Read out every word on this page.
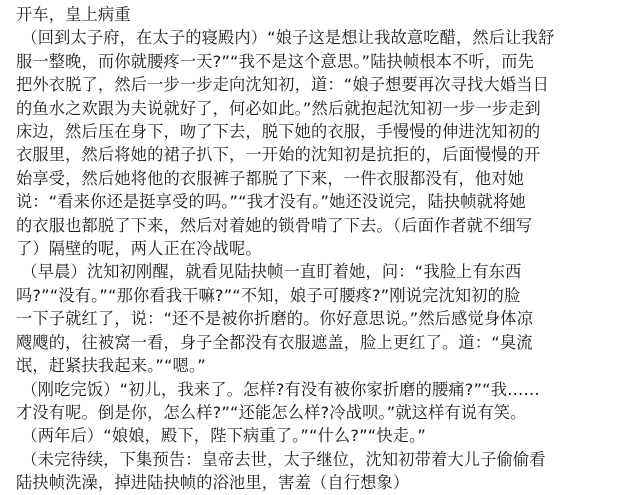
开车，皇上病重
（回到太子府，在太子的寝殿内）“娘子这是想让我故意吃醋，然后让我舒
服一整晚，而你就腰疼一天?”“我不是这个意思。”陆抉帧根本不听，而先
把外衣脱了，然后一步一步走向沈知初，道：“娘子想要再次寻找大婚当日
的鱼水之欢跟为夫说就好了，何必如此。”然后就抱起沈知初一步一步走到
床边，然后压在身下，吻了下去，脱下她的衣服，手慢慢的伸进沈知初的
衣服里，然后将她的裙子扒下，一开始的沈知初是抗拒的，后面慢慢的开
始享受，然后她将他的衣服裤子都脱了下来，一件衣服都没有，他对她
说：“看来你还是挺享受的吗。”“我才没有。”她还没说完，陆抉帧就将她
的衣服也都脱了下来，然后对着她的锁骨啃了下去。（后面作者就不细写
了）隔壁的呢，两人正在冷战呢。
（早晨）沈知初刚醒，就看见陆抉帧一直盯着她，问：“我脸上有东西
吗?”“没有。”“那你看我干嘛?”“不知，娘子可腰疼?”刚说完沈知初的脸
一下子就红了，说：“还不是被你折磨的。你好意思说。”然后感觉身体凉
飕飕的，往被窝一看，身子全都没有衣服遮盖，脸上更红了。道：“臭流
氓，赶紧扶我起来。”“嗯。”
（刚吃完饭）“初儿，我来了。怎样?有没有被你家折磨的腰痛?”“我……
才没有呢。倒是你，怎么样?”“还能怎么样?冷战呗。”就这样有说有笑。
（两年后）“娘娘，殿下，陛下病重了。”“什么?”“快走。”
（未完待续，下集预告：皇帝去世，太子继位，沈知初带着大儿子偷偷看
陆抉帧洗澡，掉进陆抉帧的浴池里，害羞（自行想象）
